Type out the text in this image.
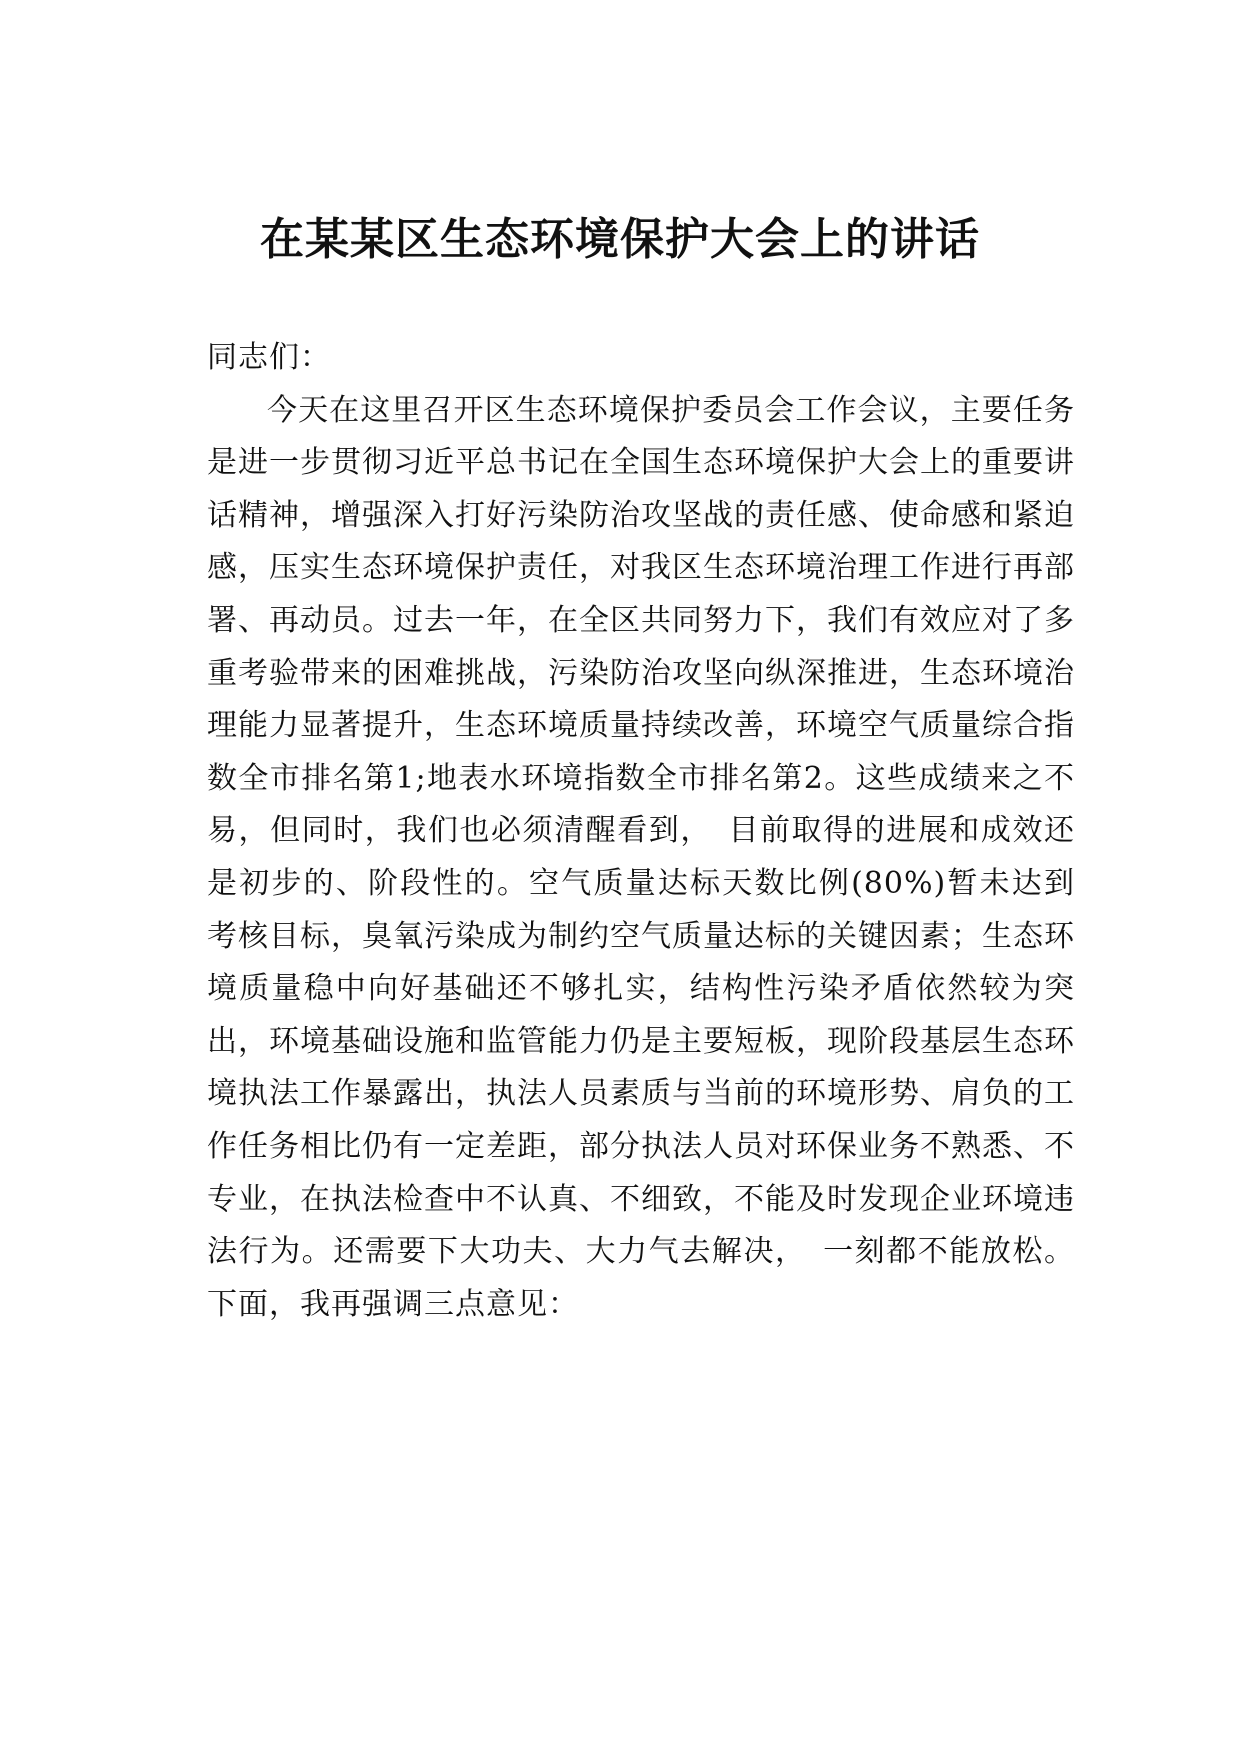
在某某区生态环境保护大会上的讲话

同志们：

今天在这里召开区生态环境保护委员会工作会议，主要任务是进一步贯彻习近平总书记在全国生态环境保护大会上的重要讲话精神，增强深入打好污染防治攻坚战的责任感、使命感和紧迫感，压实生态环境保护责任，对我区生态环境治理工作进行再部署、再动员。过去一年，在全区共同努力下，我们有效应对了多重考验带来的困难挑战，污染防治攻坚向纵深推进，生态环境治理能力显著提升，生态环境质量持续改善，环境空气质量综合指数全市排名第1;地表水环境指数全市排名第2。这些成绩来之不易，但同时，我们也必须清醒看到，　目前取得的进展和成效还是初步的、阶段性的。空气质量达标天数比例(80%)暂未达到考核目标，臭氧污染成为制约空气质量达标的关键因素；生态环境质量稳中向好基础还不够扎实，结构性污染矛盾依然较为突出，环境基础设施和监管能力仍是主要短板，现阶段基层生态环境执法工作暴露出，执法人员素质与当前的环境形势、肩负的工作任务相比仍有一定差距，部分执法人员对环保业务不熟悉、不专业，在执法检查中不认真、不细致，不能及时发现企业环境违法行为。还需要下大功夫、大力气去解决，　一刻都不能放松。下面，我再强调三点意见：
